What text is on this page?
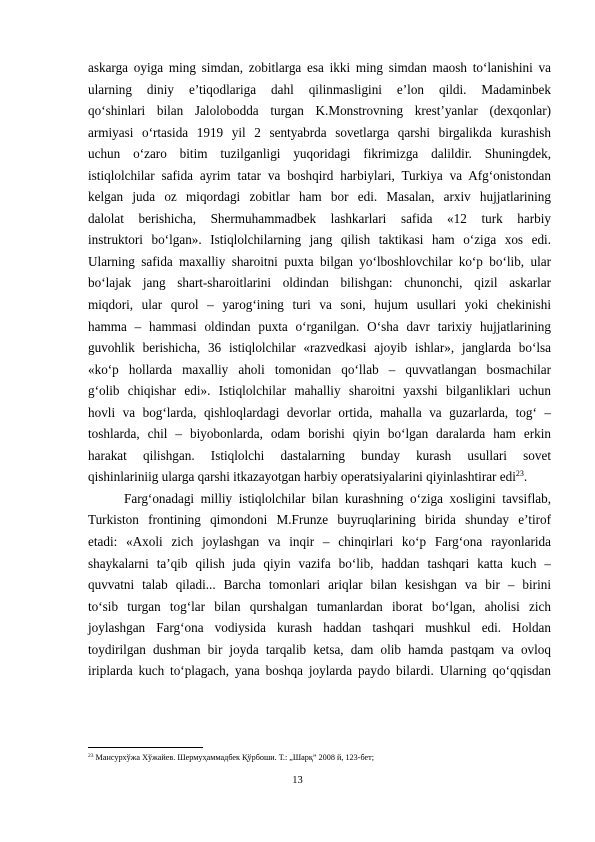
askarga oyiga ming simdan, zobitlarga esa ikki ming simdan maosh to‘lanishini va
ularning diniy e’tiqodlariga dahl qilinmasligini e’lon qildi. Madaminbek
qo‘shinlari bilan Jalolobodda turgan K.Monstrovning krest’yanlar (dexqonlar)
armiyasi o‘rtasida 1919 yil 2 sentyabrda sovetlarga qarshi birgalikda kurashish
uchun o‘zaro bitim tuzilganligi yuqoridagi fikrimizga dalildir. Shuningdek,
istiqlolchilar safida ayrim tatar va boshqird harbiylari, Turkiya va Afg‘onistondan
kelgan juda oz miqordagi zobitlar ham bor edi. Masalan, arxiv hujjatlarining
dalolat berishicha, Shermuhammadbek lashkarlari safida «12 turk harbiy
instruktori bo‘lgan». Istiqlolchilarning jang qilish taktikasi ham o‘ziga xos edi.
Ularning safida maxalliy sharoitni puxta bilgan yo‘lboshlovchilar ko‘p bo‘lib, ular
bo‘lajak jang shart-sharoitlarini oldindan bilishgan: chunonchi, qizil askarlar
miqdori, ular qurol – yarog‘ining turi va soni, hujum usullari yoki chekinishi
hamma – hammasi oldindan puxta o‘rganilgan. O‘sha davr tarixiy hujjatlarining
guvohlik berishicha, 36 istiqlolchilar «razvedkasi ajoyib ishlar», janglarda bo‘lsa
«ko‘p hollarda maxalliy aholi tomonidan qo‘llab – quvvatlangan bosmachilar
g‘olib chiqishar edi». Istiqlolchilar mahalliy sharoitni yaxshi bilganliklari uchun
hovli va bog‘larda, qishloqlardagi devorlar ortida, mahalla va guzarlarda, tog‘ –
toshlarda, chil – biyobonlarda, odam borishi qiyin bo‘lgan daralarda ham erkin
harakat qilishgan. Istiqlolchi dastalarning bunday kurash usullari sovet
qishinlariniig ularga qarshi itkazayotgan harbiy operatsiyalarini qiyinlashtirar edi$^{23}$.
Farg‘onadagi milliy istiqlolchilar bilan kurashning o‘ziga xosligini tavsiflab,
Turkiston frontining qimondoni M.Frunze buyruqlarining birida shunday e’tirof
etadi: «Axoli zich joylashgan va inqir – chinqirlari ko‘p Farg‘ona rayonlarida
shaykalarni ta’qib qilish juda qiyin vazifa bo‘lib, haddan tashqari katta kuch –
quvvatni talab qiladi... Barcha tomonlari ariqlar bilan kesishgan va bir – birini
to‘sib turgan tog‘lar bilan qurshalgan tumanlardan iborat bo‘lgan, aholisi zich
joylashgan Farg‘ona vodiysida kurash haddan tashqari mushkul edi. Holdan
toydirilgan dushman bir joyda tarqalib ketsa, dam olib hamda pastqam va ovloq
iriplarda kuch to‘plagach, yana boshqa joylarda paydo bilardi. Ularning qo‘qqisdan
$^{23}$ Мансурхўжа Хўжайев. Шермуҳаммадбек Қўрбоши. Т.: „Шарқ” 2008 й, 123-бет;
13
